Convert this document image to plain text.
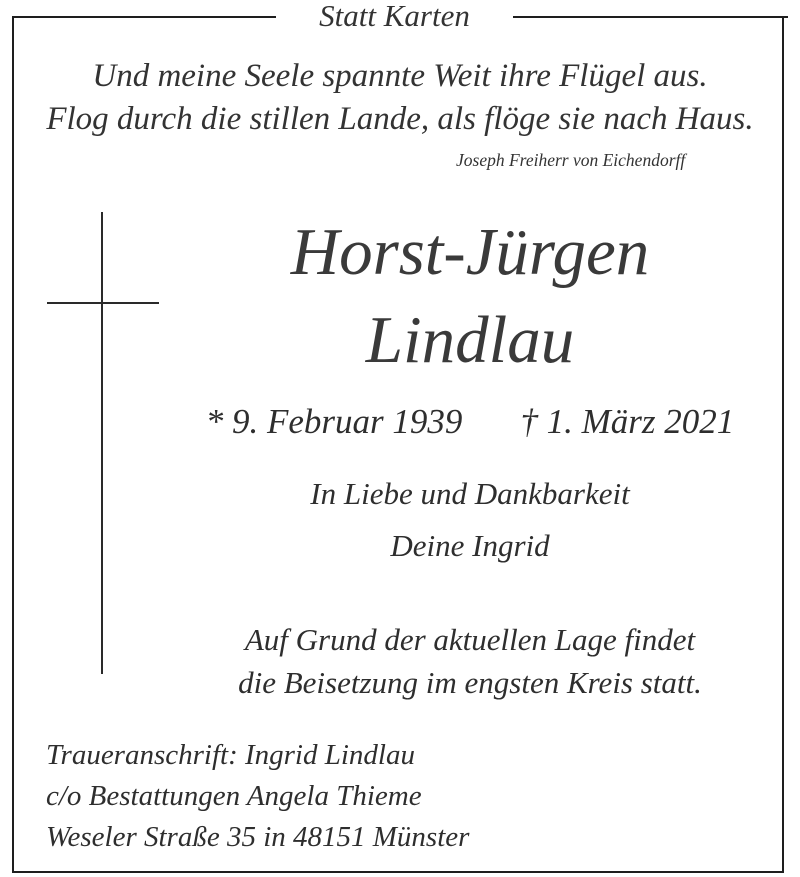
Statt Karten
Und meine Seele spannte Weit ihre Flügel aus.
Flog durch die stillen Lande, als flöge sie nach Haus.
Joseph Freiherr von Eichendorff
Horst-Jürgen
Lindlau
* 9. Februar 1939 † 1. März 2021
In Liebe und Dankbarkeit
Deine Ingrid
Auf Grund der aktuellen Lage findet
die Beisetzung im engsten Kreis statt.
Traueranschrift: Ingrid Lindlau
c/o Bestattungen Angela Thieme
Weseler Straße 35 in 48151 Münster
